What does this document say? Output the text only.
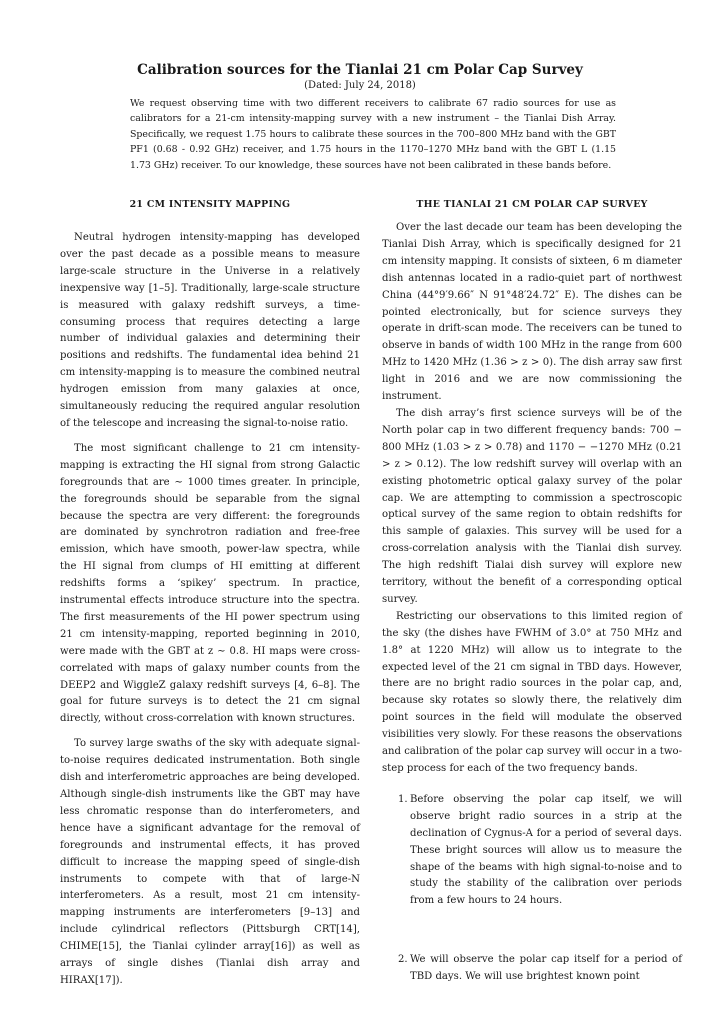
Calibration sources for the Tianlai 21 cm Polar Cap Survey
(Dated: July 24, 2018)
We request observing time with two different receivers to calibrate 67 radio sources for use as calibrators for a 21-cm intensity-mapping survey with a new instrument – the Tianlai Dish Array. Specifically, we request 1.75 hours to calibrate these sources in the 700–800 MHz band with the GBT PF1 (0.68 - 0.92 GHz) receiver, and 1.75 hours in the 1170–1270 MHz band with the GBT L (1.15 1.73 GHz) receiver. To our knowledge, these sources have not been calibrated in these bands before.
21 CM INTENSITY MAPPING

Neutral hydrogen intensity-mapping has developed over the past decade as a possible means to measure large-scale structure in the Universe in a relatively inexpensive way [1–5]. Traditionally, large-scale structure is measured with galaxy redshift surveys, a time-consuming process that requires detecting a large number of individual galaxies and determining their positions and redshifts. The fundamental idea behind 21 cm intensity-mapping is to measure the combined neutral hydrogen emission from many galaxies at once, simultaneously reducing the required angular resolution of the telescope and increasing the signal-to-noise ratio.

The most significant challenge to 21 cm intensity-mapping is extracting the HI signal from strong Galactic foregrounds that are ∼ 1000 times greater. In principle, the foregrounds should be separable from the signal because the spectra are very different: the foregrounds are dominated by synchrotron radiation and free-free emission, which have smooth, power-law spectra, while the HI signal from clumps of HI emitting at different redshifts forms a ‘spikey’ spectrum. In practice, instrumental effects introduce structure into the spectra. The first measurements of the HI power spectrum using 21 cm intensity-mapping, reported beginning in 2010, were made with the GBT at z ∼ 0.8. HI maps were cross-correlated with maps of galaxy number counts from the DEEP2 and WiggleZ galaxy redshift surveys [4, 6–8]. The goal for future surveys is to detect the 21 cm signal directly, without cross-correlation with known structures.

To survey large swaths of the sky with adequate signal-to-noise requires dedicated instrumentation. Both single dish and interferometric approaches are being developed. Although single-dish instruments like the GBT may have less chromatic response than do interferometers, and hence have a significant advantage for the removal of foregrounds and instrumental effects, it has proved difficult to increase the mapping speed of single-dish instruments to compete with that of large-N interferometers. As a result, most 21 cm intensity-mapping instruments are interferometers [9–13] and include cylindrical reflectors (Pittsburgh CRT[14], CHIME[15], the Tianlai cylinder array[16]) as well as arrays of single dishes (Tianlai dish array and HIRAX[17]).

THE TIANLAI 21 CM POLAR CAP SURVEY

Over the last decade our team has been developing the Tianlai Dish Array, which is specifically designed for 21 cm intensity mapping. It consists of sixteen, 6 m diameter dish antennas located in a radio-quiet part of northwest China (44°9′9.66″ N 91°48′24.72″ E). The dishes can be pointed electronically, but for science surveys they operate in drift-scan mode. The receivers can be tuned to observe in bands of width 100 MHz in the range from 600 MHz to 1420 MHz (1.36 > z > 0). The dish array saw first light in 2016 and we are now commissioning the instrument.

The dish array’s first science surveys will be of the North polar cap in two different frequency bands: 700 − 800 MHz (1.03 > z > 0.78) and 1170 − −1270 MHz (0.21 > z > 0.12). The low redshift survey will overlap with an existing photometric optical galaxy survey of the polar cap. We are attempting to commission a spectroscopic optical survey of the same region to obtain redshifts for this sample of galaxies. This survey will be used for a cross-correlation analysis with the Tianlai dish survey. The high redshift Tialai dish survey will explore new territory, without the benefit of a corresponding optical survey.

Restricting our observations to this limited region of the sky (the dishes have FWHM of 3.0° at 750 MHz and 1.8° at 1220 MHz) will allow us to integrate to the expected level of the 21 cm signal in TBD days. However, there are no bright radio sources in the polar cap, and, because sky rotates so slowly there, the relatively dim point sources in the field will modulate the observed visibilities very slowly. For these reasons the observations and calibration of the polar cap survey will occur in a two-step process for each of the two frequency bands.

1. Before observing the polar cap itself, we will observe bright radio sources in a strip at the declination of Cygnus-A for a period of several days. These bright sources will allow us to measure the shape of the beams with high signal-to-noise and to study the stability of the calibration over periods from a few hours to 24 hours.
2. We will observe the polar cap itself for a period of TBD days. We will use brightest known point
